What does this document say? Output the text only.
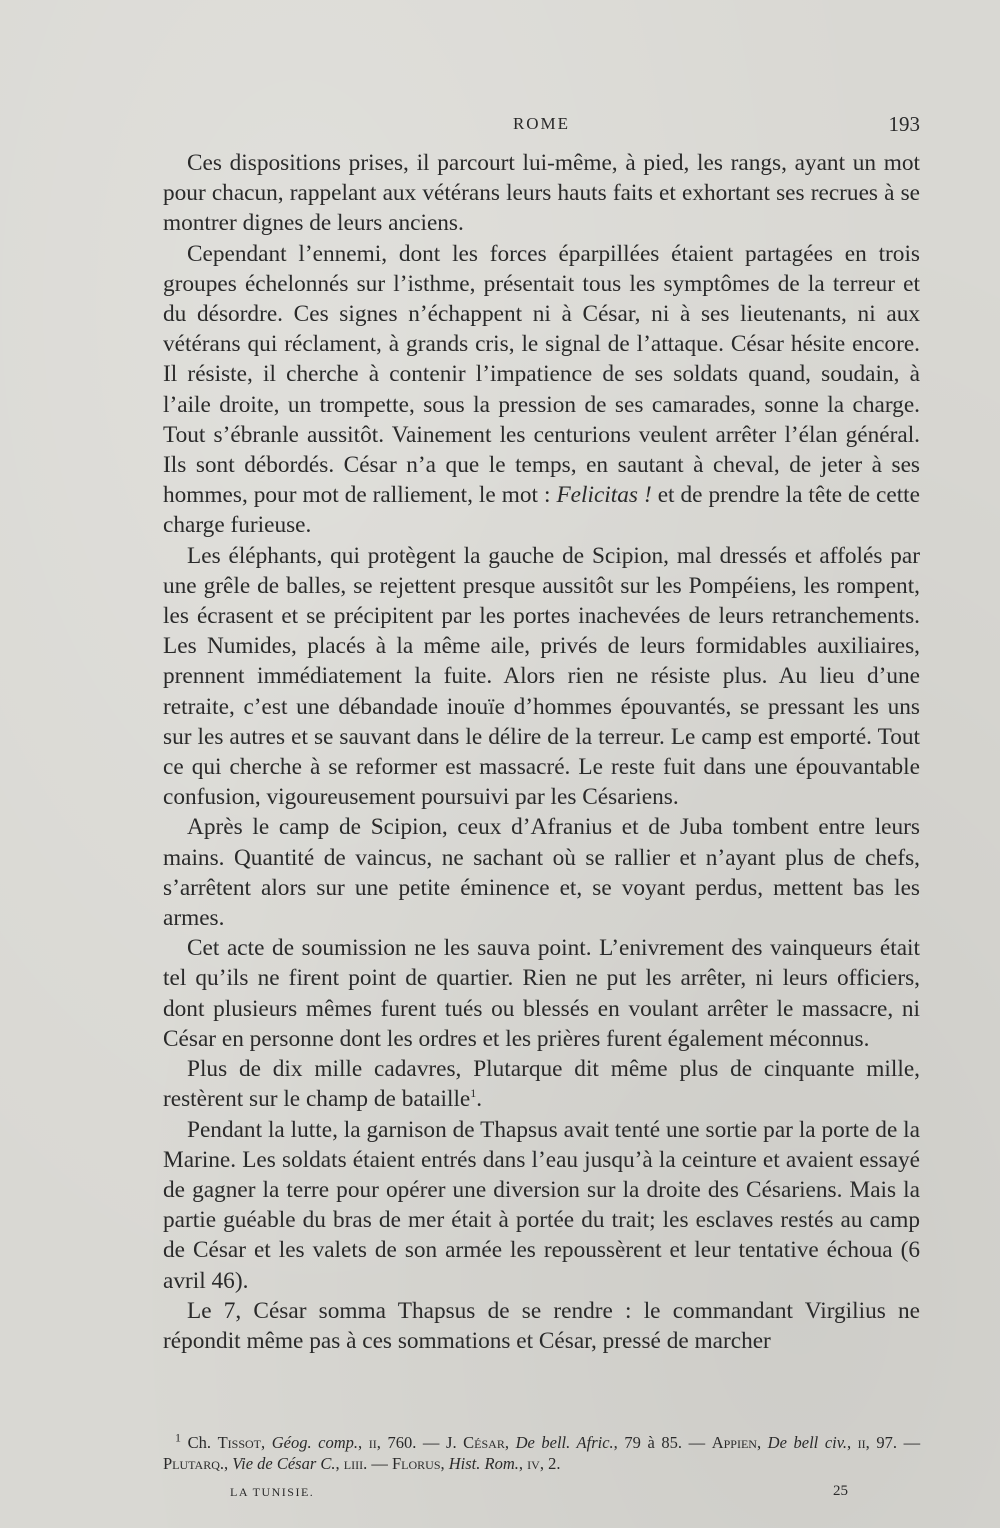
ROME	193

Ces dispositions prises, il parcourt lui-même, à pied, les rangs, ayant un mot pour chacun, rappelant aux vétérans leurs hauts faits et exhortant ses recrues à se montrer dignes de leurs anciens.

Cependant l’ennemi, dont les forces éparpillées étaient partagées en trois groupes échelonnés sur l’isthme, présentait tous les symptômes de la terreur et du désordre. Ces signes n’échappent ni à César, ni à ses lieutenants, ni aux vétérans qui réclament, à grands cris, le signal de l’attaque. César hésite encore. Il résiste, il cherche à contenir l’impatience de ses soldats quand, soudain, à l’aile droite, un trompette, sous la pression de ses camarades, sonne la charge. Tout s’ébranle aussitôt. Vainement les centurions veulent arrêter l’élan général. Ils sont débordés. César n’a que le temps, en sautant à cheval, de jeter à ses hommes, pour mot de ralliement, le mot : Felicitas ! et de prendre la tête de cette charge furieuse.

Les éléphants, qui protègent la gauche de Scipion, mal dressés et affolés par une grêle de balles, se rejettent presque aussitôt sur les Pompéiens, les rompent, les écrasent et se précipitent par les portes inachevées de leurs retranchements. Les Numides, placés à la même aile, privés de leurs formidables auxiliaires, prennent immédiatement la fuite. Alors rien ne résiste plus. Au lieu d’une retraite, c’est une débandade inouïe d’hommes épouvantés, se pressant les uns sur les autres et se sauvant dans le délire de la terreur. Le camp est emporté. Tout ce qui cherche à se reformer est massacré. Le reste fuit dans une épouvantable confusion, vigoureusement poursuivi par les Césariens.

Après le camp de Scipion, ceux d’Afranius et de Juba tombent entre leurs mains. Quantité de vaincus, ne sachant où se rallier et n’ayant plus de chefs, s’arrêtent alors sur une petite éminence et, se voyant perdus, mettent bas les armes.

Cet acte de soumission ne les sauva point. L’enivrement des vainqueurs était tel qu’ils ne firent point de quartier. Rien ne put les arrêter, ni leurs officiers, dont plusieurs mêmes furent tués ou blessés en voulant arrêter le massacre, ni César en personne dont les ordres et les prières furent également méconnus.

Plus de dix mille cadavres, Plutarque dit même plus de cinquante mille, restèrent sur le champ de bataille$^1$.

Pendant la lutte, la garnison de Thapsus avait tenté une sortie par la porte de la Marine. Les soldats étaient entrés dans l’eau jusqu’à la ceinture et avaient essayé de gagner la terre pour opérer une diversion sur la droite des Césariens. Mais la partie guéable du bras de mer était à portée du trait; les esclaves restés au camp de César et les valets de son armée les repoussèrent et leur tentative échoua (6 avril 46).

Le 7, César somma Thapsus de se rendre : le commandant Virgilius ne répondit même pas à ces sommations et César, pressé de marcher

$^1$ Ch. Tissot, Géog. comp., ii, 760. — J. César, De bell. Afric., 79 à 85. — Appien, De bell civ., ii, 97. — Plutarq., Vie de César C., liii. — Florus, Hist. Rom., iv, 2.

LA TUNISIE.	25
